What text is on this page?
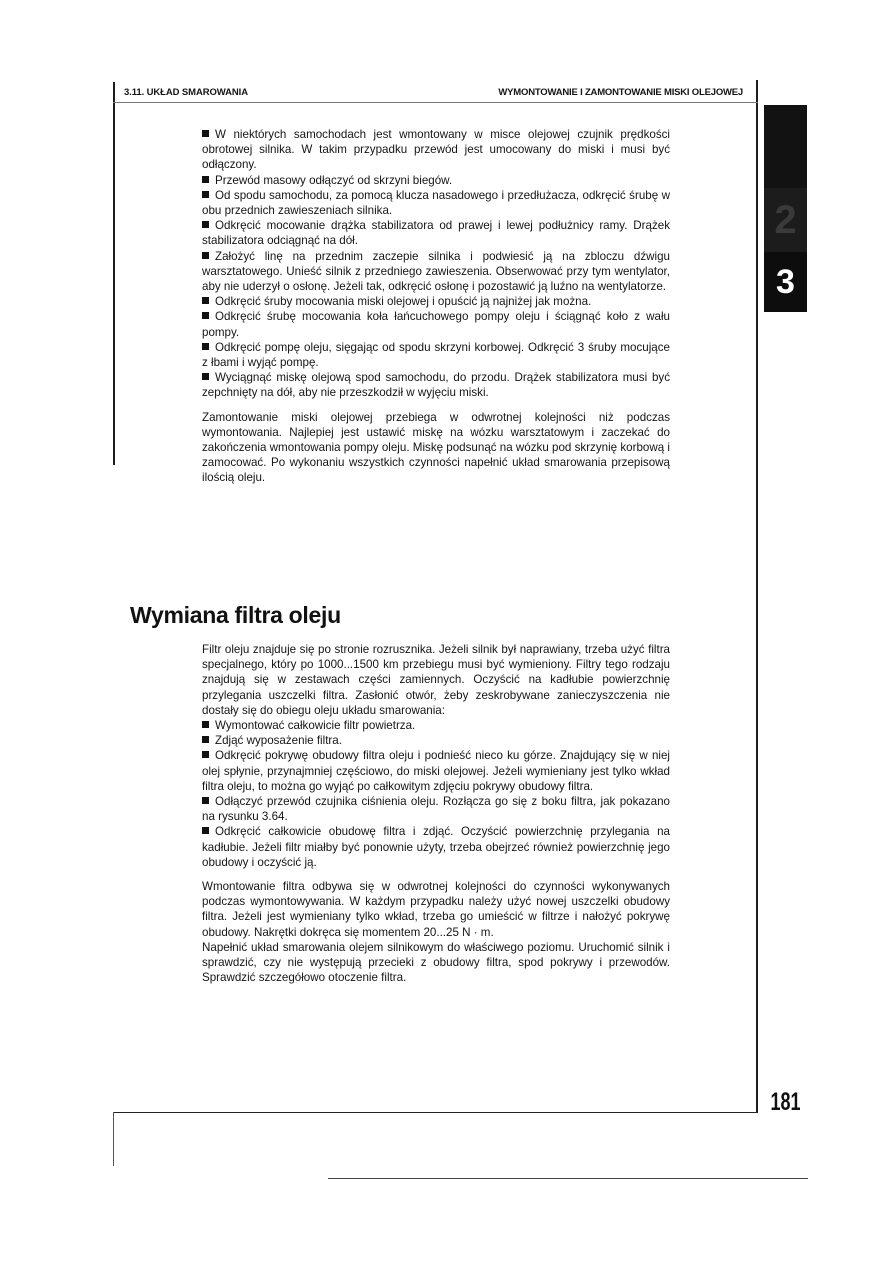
3.11. UKŁAD SMAROWANIA	WYMONTOWANIE I ZAMONTOWANIE MISKI OLEJOWEJ
2
3
181

W niektórych samochodach jest wmontowany w miscе olejowej czujnik prędkości obrotowej silnika. W takim przypadku przewód jest umocowany do miski i musi być odłączony.

Przewód masowy odłączyć od skrzyni biegów.

Od spodu samochodu, za pomocą klucza nasadowego i przedłużacza, odkręcić śrubę w obu przednich zawieszeniach silnika.

Odkręcić mocowanie drążka stabilizatora od prawej i lewej podłużnicy ramy. Drążek stabilizatora odciągnąć na dół.

Założyć linę na przednim zaczepie silnika i podwiesić ją na zbloczu dźwigu warsztatowego. Unieść silnik z przedniego zawieszenia. Obserwować przy tym wentylator, aby nie uderzył o osłonę. Jeżeli tak, odkręcić osłonę i pozostawić ją luźno na wentylatorze.

Odkręcić śruby mocowania miski olejowej i opuścić ją najniżej jak można.

Odkręcić śrubę mocowania koła łańcuchowego pompy oleju i ściągnąć koło z wału pompy.

Odkręcić pompę oleju, sięgając od spodu skrzyni korbowej. Odkręcić 3 śruby mocujące z łbami i wyjąć pompę.

Wyciągnąć miskę olejową spod samochodu, do przodu. Drążek stabilizatora musi być zepchnięty na dół, aby nie przeszkodził w wyjęciu miski.

Zamontowanie miski olejowej przebiega w odwrotnej kolejności niż podczas wymontowania. Najlepiej jest ustawić miskę na wózku warsztatowym i zaczekać do zakończenia wmontowania pompy oleju. Miskę podsunąć na wózku pod skrzynię korbową i zamocować. Po wykonaniu wszystkich czynności napełnić układ smarowania przepisową ilością oleju.

Wymiana filtra oleju

Filtr oleju znajduje się po stronie rozrusznika. Jeżeli silnik był naprawiany, trzeba użyć filtra specjalnego, który po 1000...1500 km przebiegu musi być wymieniony. Filtry tego rodzaju znajdują się w zestawach części zamiennych. Oczyścić na kadłubie powierzchnię przylegania uszczelki filtra. Zasłonić otwór, żeby zeskrobywane zanieczyszczenia nie dostały się do obiegu oleju układu smarowania:

Wymontować całkowicie filtr powietrza.

Zdjąć wyposażenie filtra.

Odkręcić pokrywę obudowy filtra oleju i podnieść nieco ku górze. Znajdujący się w niej olej spłynie, przynajmniej częściowo, do miski olejowej. Jeżeli wymieniany jest tylko wkład filtra oleju, to można go wyjąć po całkowitym zdjęciu pokrywy obudowy filtra.

Odłączyć przewód czujnika ciśnienia oleju. Rozłącza go się z boku filtra, jak pokazano na rysunku 3.64.

Odkręcić całkowicie obudowę filtra i zdjąć. Oczyścić powierzchnię przylegania na kadłubie. Jeżeli filtr miałby być ponownie użyty, trzeba obejrzeć również powierzchnię jego obudowy i oczyścić ją.

Wmontowanie filtra odbywa się w odwrotnej kolejności do czynności wykonywanych podczas wymontowywania. W każdym przypadku należy użyć nowej uszczelki obudowy filtra. Jeżeli jest wymieniany tylko wkład, trzeba go umieścić w filtrze i nałożyć pokrywę obudowy. Nakrętki dokręca się momentem 20...25 N · m.

Napełnić układ smarowania olejem silnikowym do właściwego poziomu. Uruchomić silnik i sprawdzić, czy nie występują przecieki z obudowy filtra, spod pokrywy i przewodów. Sprawdzić szczegółowo otoczenie filtra.
